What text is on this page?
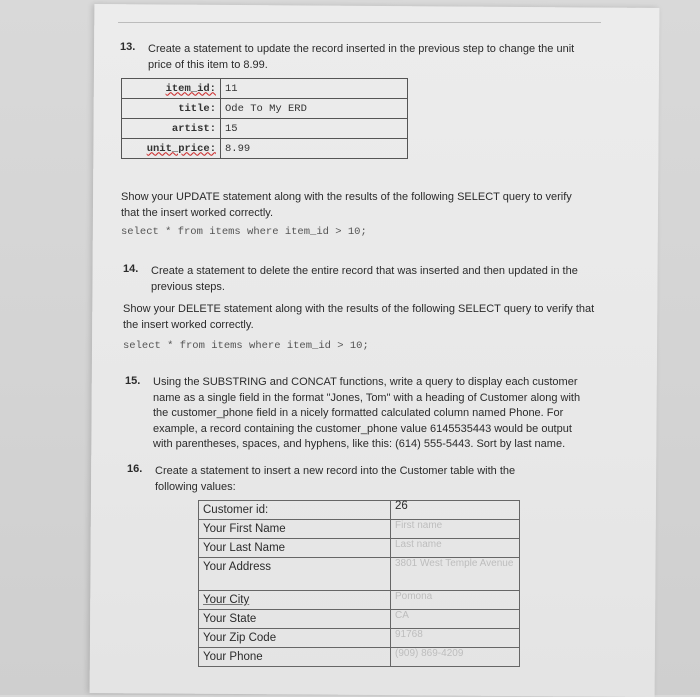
13. Create a statement to update the record inserted in the previous step to change the unit
price of this item to 8.99.
item_id:	11
title:	Ode To My ERD
artist:	15
unit_price:	8.99
Show your UPDATE statement along with the results of the following SELECT query to verify
that the insert worked correctly.
select * from items where item_id > 10;
14. Create a statement to delete the entire record that was inserted and then updated in the
previous steps.
Show your DELETE statement along with the results of the following SELECT query to verify that
the insert worked correctly.
select * from items where item_id > 10;
15. Using the SUBSTRING and CONCAT functions, write a query to display each customer
name as a single field in the format "Jones, Tom" with a heading of Customer along with
the customer_phone field in a nicely formatted calculated column named Phone. For
example, a record containing the customer_phone value 6145535443 would be output
with parentheses, spaces, and hyphens, like this: (614) 555-5443. Sort by last name.
16. Create a statement to insert a new record into the Customer table with the
following values:
Customer id:	26
Your First Name	First name
Your Last Name	Last name
Your Address	3801 West Temple Avenue
Your City	Pomona
Your State	CA
Your Zip Code	91768
Your Phone	(909) 869-4209
